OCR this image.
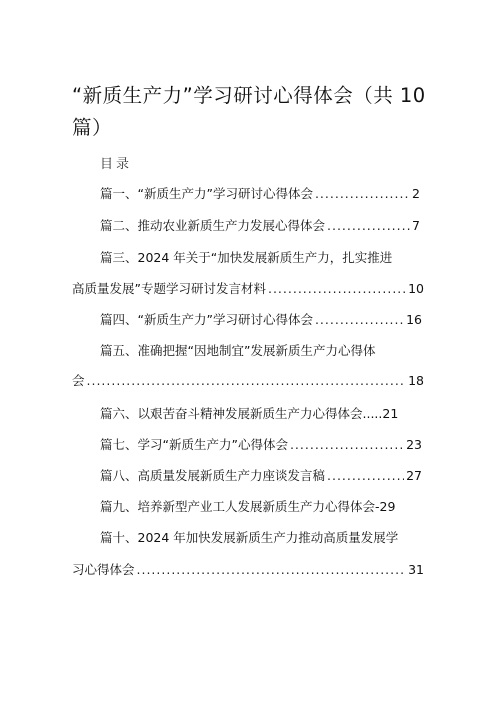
“新质生产力”学习研讨心得体会（共 10
篇）
目录
篇一、“新质生产力”学习研讨心得体会 .....	2
篇二、推动农业新质生产力发展心得体会 .....	7
篇三、2024 年关于“加快发展新质生产力，扎实推进
高质量发展”专题学习研讨发言材料 .....	10
篇四、“新质生产力”学习研讨心得体会 .....	16
篇五、准确把握“因地制宜”发展新质生产力心得体
会 .....	18
篇六、以艰苦奋斗精神发展新质生产力心得体会.....21
篇七、学习“新质生产力”心得体会 .....	23
篇八、高质量发展新质生产力座谈发言稿 .....	27
篇九、培养新型产业工人发展新质生产力心得体会-29
篇十、2024 年加快发展新质生产力推动高质量发展学
习心得体会 .....	31
